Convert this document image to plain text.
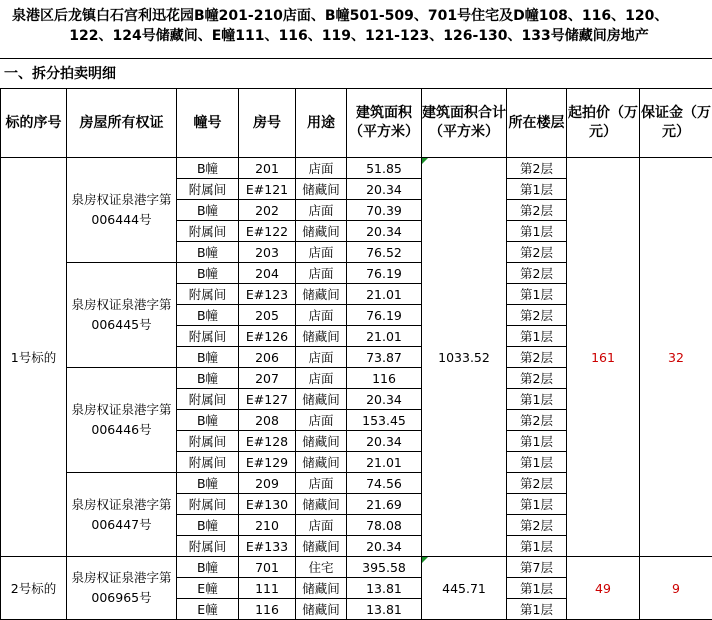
泉港区后龙镇白石宫利迅花园B幢201-210店面、B幢501-509、701号住宅及D幢108、116、120、
122、124号储藏间、E幢111、116、119、121-123、126-130、133号储藏间房地产
一、拆分拍卖明细
标的序号	房屋所有权证	幢号	房号	用途	建筑面积（平方米）	建筑面积合计（平方米）	所在楼层	起拍价（万元）	保证金（万元）
1号标的	泉房权证泉港字第006444号	B幢	201	店面	51.85	1033.52	第2层	161	32
		附属间	E#121	储藏间	20.34		第1层		
		B幢	202	店面	70.39		第2层		
		附属间	E#122	储藏间	20.34		第1层		
		B幢	203	店面	76.52		第2层		
	泉房权证泉港字第006445号	B幢	204	店面	76.19		第2层		
		附属间	E#123	储藏间	21.01		第1层		
		B幢	205	店面	76.19		第2层		
		附属间	E#126	储藏间	21.01		第1层		
		B幢	206	店面	73.87		第2层		
	泉房权证泉港字第006446号	B幢	207	店面	116		第2层		
		附属间	E#127	储藏间	20.34		第1层		
		B幢	208	店面	153.45		第2层		
		附属间	E#128	储藏间	20.34		第1层		
		附属间	E#129	储藏间	21.01		第1层		
	泉房权证泉港字第006447号	B幢	209	店面	74.56		第2层		
		附属间	E#130	储藏间	21.69		第1层		
		B幢	210	店面	78.08		第2层		
		附属间	E#133	储藏间	20.34		第1层		
2号标的	泉房权证泉港字第006965号	B幢	701	住宅	395.58	445.71	第7层	49	9
		E幢	111	储藏间	13.81		第1层		
		E幢	116	储藏间	13.81		第1层		
